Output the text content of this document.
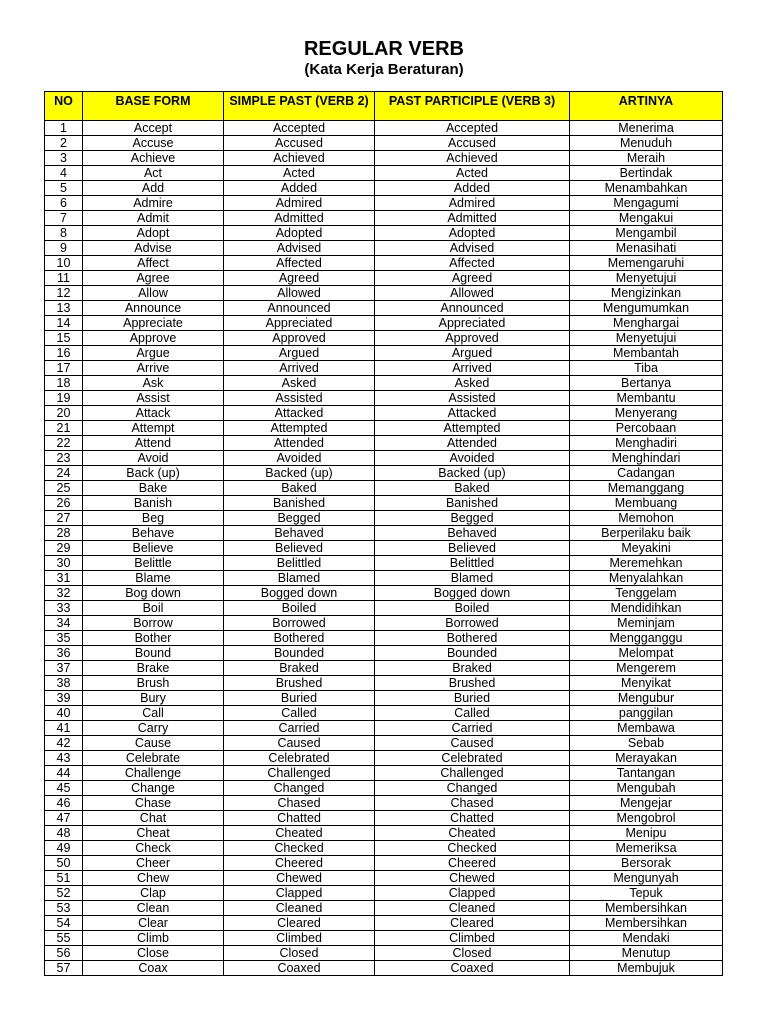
REGULAR VERB
(Kata Kerja Beraturan)
NO	BASE FORM	SIMPLE PAST (VERB 2)	PAST PARTICIPLE (VERB 3)	ARTINYA
1	Accept	Accepted	Accepted	Menerima
2	Accuse	Accused	Accused	Menuduh
3	Achieve	Achieved	Achieved	Meraih
4	Act	Acted	Acted	Bertindak
5	Add	Added	Added	Menambahkan
6	Admire	Admired	Admired	Mengagumi
7	Admit	Admitted	Admitted	Mengakui
8	Adopt	Adopted	Adopted	Mengambil
9	Advise	Advised	Advised	Menasihati
10	Affect	Affected	Affected	Memengaruhi
11	Agree	Agreed	Agreed	Menyetujui
12	Allow	Allowed	Allowed	Mengizinkan
13	Announce	Announced	Announced	Mengumumkan
14	Appreciate	Appreciated	Appreciated	Menghargai
15	Approve	Approved	Approved	Menyetujui
16	Argue	Argued	Argued	Membantah
17	Arrive	Arrived	Arrived	Tiba
18	Ask	Asked	Asked	Bertanya
19	Assist	Assisted	Assisted	Membantu
20	Attack	Attacked	Attacked	Menyerang
21	Attempt	Attempted	Attempted	Percobaan
22	Attend	Attended	Attended	Menghadiri
23	Avoid	Avoided	Avoided	Menghindari
24	Back (up)	Backed (up)	Backed (up)	Cadangan
25	Bake	Baked	Baked	Memanggang
26	Banish	Banished	Banished	Membuang
27	Beg	Begged	Begged	Memohon
28	Behave	Behaved	Behaved	Berperilaku baik
29	Believe	Believed	Believed	Meyakini
30	Belittle	Belittled	Belittled	Meremehkan
31	Blame	Blamed	Blamed	Menyalahkan
32	Bog down	Bogged down	Bogged down	Tenggelam
33	Boil	Boiled	Boiled	Mendidihkan
34	Borrow	Borrowed	Borrowed	Meminjam
35	Bother	Bothered	Bothered	Mengganggu
36	Bound	Bounded	Bounded	Melompat
37	Brake	Braked	Braked	Mengerem
38	Brush	Brushed	Brushed	Menyikat
39	Bury	Buried	Buried	Mengubur
40	Call	Called	Called	panggilan
41	Carry	Carried	Carried	Membawa
42	Cause	Caused	Caused	Sebab
43	Celebrate	Celebrated	Celebrated	Merayakan
44	Challenge	Challenged	Challenged	Tantangan
45	Change	Changed	Changed	Mengubah
46	Chase	Chased	Chased	Mengejar
47	Chat	Chatted	Chatted	Mengobrol
48	Cheat	Cheated	Cheated	Menipu
49	Check	Checked	Checked	Memeriksa
50	Cheer	Cheered	Cheered	Bersorak
51	Chew	Chewed	Chewed	Mengunyah
52	Clap	Clapped	Clapped	Tepuk
53	Clean	Cleaned	Cleaned	Membersihkan
54	Clear	Cleared	Cleared	Membersihkan
55	Climb	Climbed	Climbed	Mendaki
56	Close	Closed	Closed	Menutup
57	Coax	Coaxed	Coaxed	Membujuk
